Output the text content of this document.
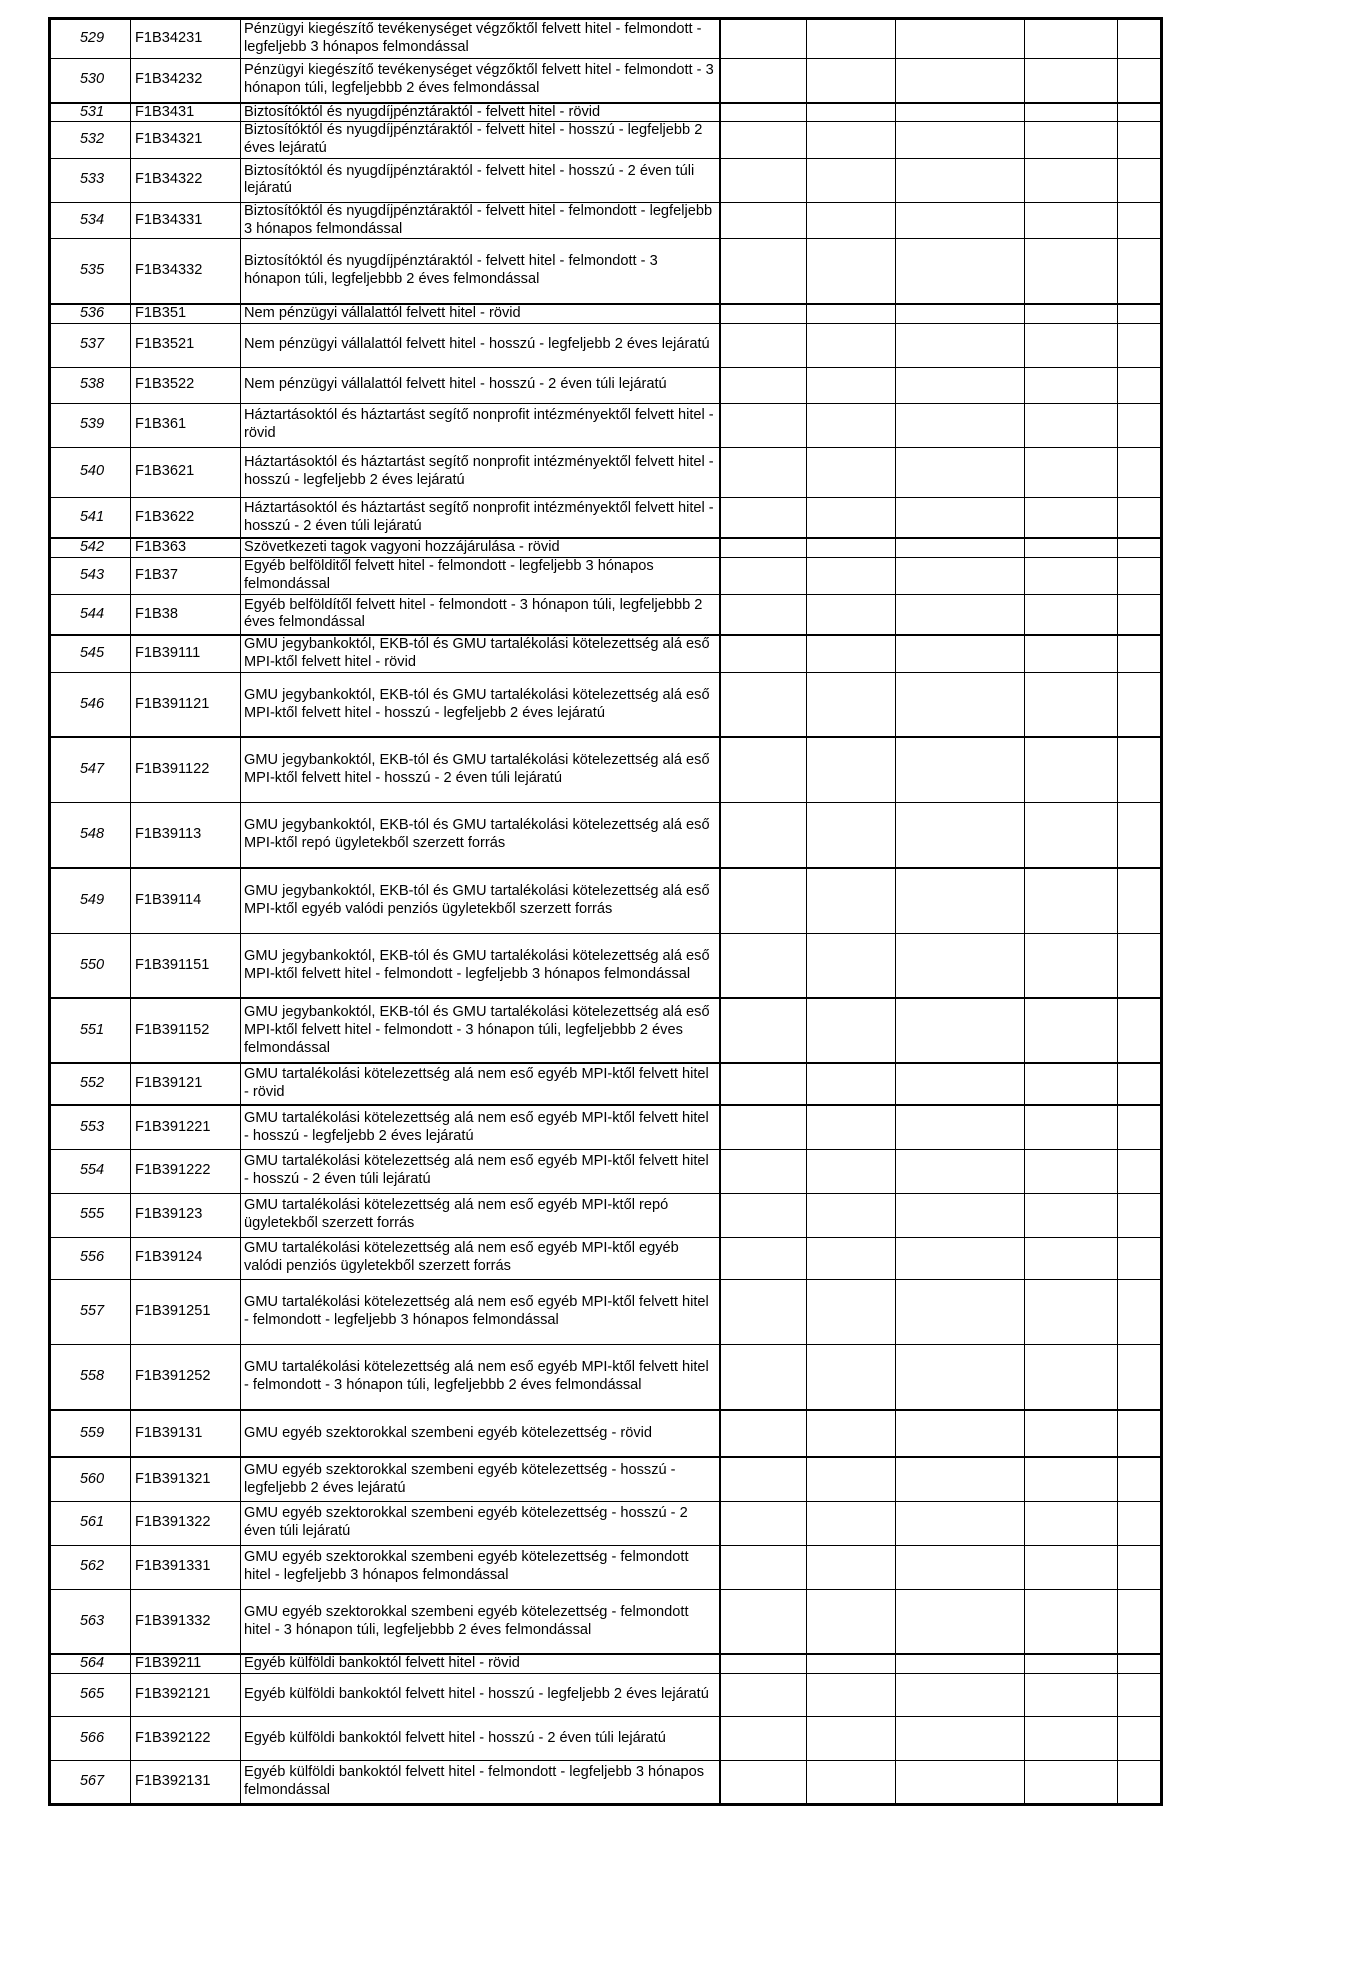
529	F1B34231	Pénzügyi kiegészítő tevékenységet végzőktől felvett hitel - felmondott - legfeljebb 3 hónapos felmondással					
530	F1B34232	Pénzügyi kiegészítő tevékenységet végzőktől felvett hitel - felmondott - 3 hónapon túli, legfeljebbb 2 éves felmondással					
531	F1B3431	Biztosítóktól és nyugdíjpénztáraktól - felvett hitel - rövid					
532	F1B34321	Biztosítóktól és nyugdíjpénztáraktól - felvett hitel - hosszú - legfeljebb 2 éves lejáratú					
533	F1B34322	Biztosítóktól és nyugdíjpénztáraktól - felvett hitel - hosszú - 2 éven túli lejáratú					
534	F1B34331	Biztosítóktól és nyugdíjpénztáraktól - felvett hitel - felmondott - legfeljebb 3 hónapos felmondással					
535	F1B34332	Biztosítóktól és nyugdíjpénztáraktól - felvett hitel - felmondott - 3 hónapon túli, legfeljebbb 2 éves felmondással					
536	F1B351	Nem pénzügyi vállalattól felvett hitel - rövid					
537	F1B3521	Nem pénzügyi vállalattól felvett hitel - hosszú - legfeljebb 2 éves lejáratú					
538	F1B3522	Nem pénzügyi vállalattól felvett hitel - hosszú - 2 éven túli lejáratú					
539	F1B361	Háztartásoktól és háztartást segítő nonprofit intézményektől felvett hitel - rövid					
540	F1B3621	Háztartásoktól és háztartást segítő nonprofit intézményektől felvett hitel - hosszú - legfeljebb 2 éves lejáratú					
541	F1B3622	Háztartásoktól és háztartást segítő nonprofit intézményektől felvett hitel - hosszú - 2 éven túli lejáratú					
542	F1B363	Szövetkezeti tagok vagyoni hozzájárulása - rövid					
543	F1B37	Egyéb belfölditől felvett hitel - felmondott - legfeljebb 3 hónapos felmondással					
544	F1B38	Egyéb belföldítől felvett hitel - felmondott - 3 hónapon túli, legfeljebbb 2 éves felmondással					
545	F1B39111	GMU jegybankoktól, EKB-tól és GMU tartalékolási kötelezettség alá eső MPI-ktől felvett hitel - rövid					
546	F1B391121	GMU jegybankoktól, EKB-tól és GMU tartalékolási kötelezettség alá eső MPI-ktől felvett hitel - hosszú - legfeljebb 2 éves lejáratú					
547	F1B391122	GMU jegybankoktól, EKB-tól és GMU tartalékolási kötelezettség alá eső MPI-ktől felvett hitel - hosszú - 2 éven túli lejáratú					
548	F1B39113	GMU jegybankoktól, EKB-tól és GMU tartalékolási kötelezettség alá eső MPI-ktől repó ügyletekből szerzett forrás					
549	F1B39114	GMU jegybankoktól, EKB-tól és GMU tartalékolási kötelezettség alá eső MPI-ktől egyéb valódi penziós ügyletekből szerzett forrás					
550	F1B391151	GMU jegybankoktól, EKB-tól és GMU tartalékolási kötelezettség alá eső MPI-ktől felvett hitel - felmondott - legfeljebb 3 hónapos felmondással					
551	F1B391152	GMU jegybankoktól, EKB-tól és GMU tartalékolási kötelezettség alá eső MPI-ktől felvett hitel - felmondott - 3 hónapon túli, legfeljebbb 2 éves felmondással					
552	F1B39121	GMU tartalékolási kötelezettség alá nem eső egyéb MPI-ktől felvett hitel - rövid					
553	F1B391221	GMU tartalékolási kötelezettség alá nem eső egyéb MPI-ktől felvett hitel - hosszú - legfeljebb 2 éves lejáratú					
554	F1B391222	GMU tartalékolási kötelezettség alá nem eső egyéb MPI-ktől felvett hitel - hosszú - 2 éven túli lejáratú					
555	F1B39123	GMU tartalékolási kötelezettség alá nem eső egyéb MPI-ktől repó ügyletekből szerzett forrás					
556	F1B39124	GMU tartalékolási kötelezettség alá nem eső egyéb MPI-ktől egyéb valódi penziós ügyletekből szerzett forrás					
557	F1B391251	GMU tartalékolási kötelezettség alá nem eső egyéb MPI-ktől felvett hitel - felmondott - legfeljebb 3 hónapos felmondással					
558	F1B391252	GMU tartalékolási kötelezettség alá nem eső egyéb MPI-ktől felvett hitel - felmondott - 3 hónapon túli, legfeljebbb 2 éves felmondással					
559	F1B39131	GMU egyéb szektorokkal szembeni egyéb kötelezettség - rövid					
560	F1B391321	GMU egyéb szektorokkal szembeni egyéb kötelezettség - hosszú - legfeljebb 2 éves lejáratú					
561	F1B391322	GMU egyéb szektorokkal szembeni egyéb kötelezettség - hosszú - 2 éven túli lejáratú					
562	F1B391331	GMU egyéb szektorokkal szembeni egyéb kötelezettség - felmondott hitel - legfeljebb 3 hónapos felmondással					
563	F1B391332	GMU egyéb szektorokkal szembeni egyéb kötelezettség - felmondott hitel - 3 hónapon túli, legfeljebbb 2 éves felmondással					
564	F1B39211	Egyéb külföldi bankoktól felvett hitel - rövid					
565	F1B392121	Egyéb külföldi bankoktól felvett hitel - hosszú - legfeljebb 2 éves lejáratú					
566	F1B392122	Egyéb külföldi bankoktól felvett hitel - hosszú - 2 éven túli lejáratú					
567	F1B392131	Egyéb külföldi bankoktól felvett hitel - felmondott - legfeljebb 3 hónapos felmondással					
